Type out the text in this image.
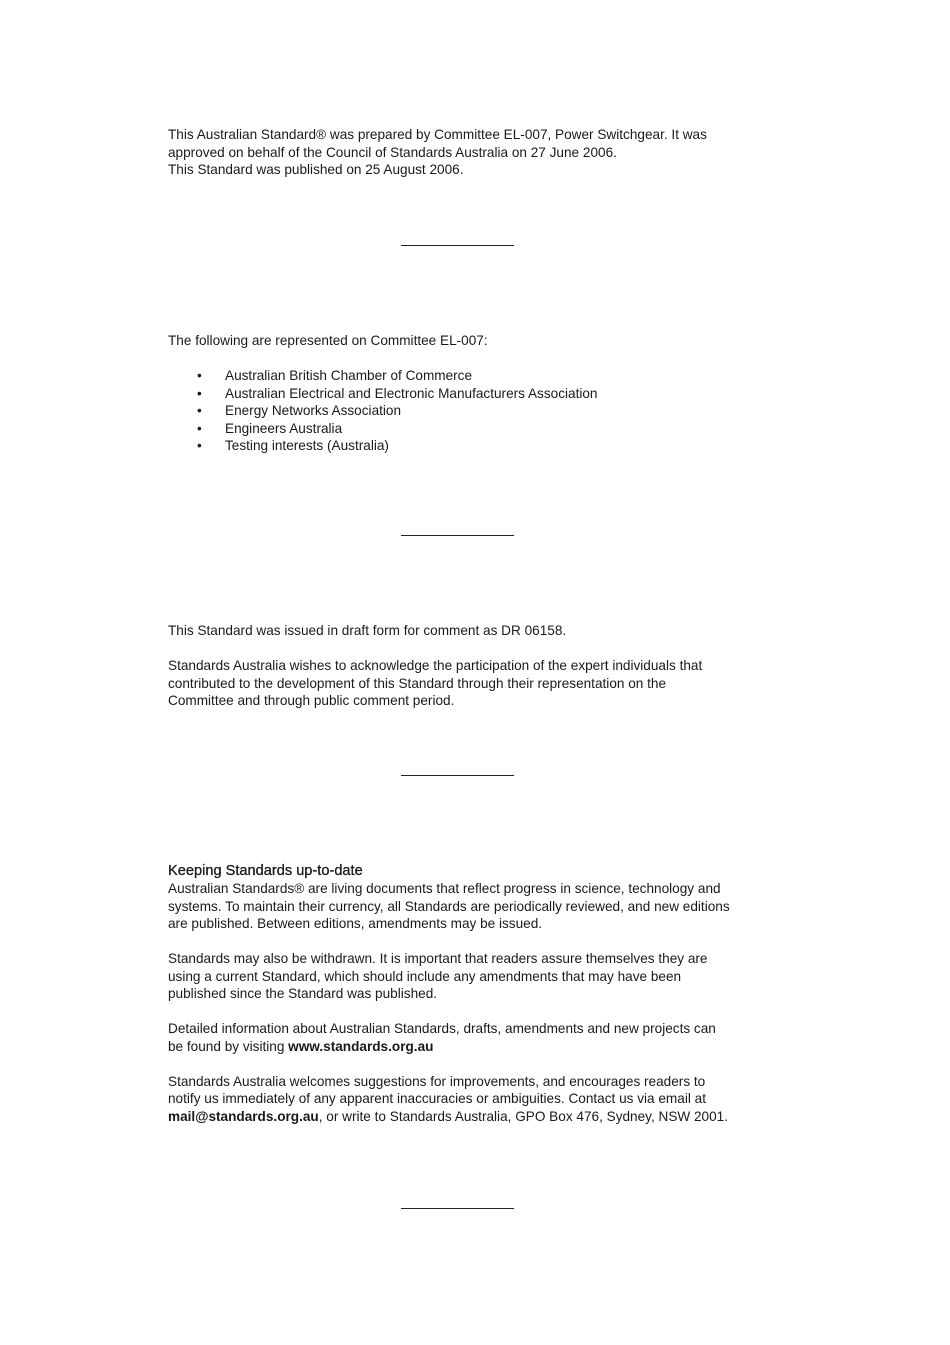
This Australian Standard® was prepared by Committee EL-007, Power Switchgear. It was

approved on behalf of the Council of Standards Australia on 27 June 2006.

This Standard was published on 25 August 2006.

The following are represented on Committee EL-007:

• Australian British Chamber of Commerce
• Australian Electrical and Electronic Manufacturers Association
• Energy Networks Association
• Engineers Australia
• Testing interests (Australia)

This Standard was issued in draft form for comment as DR 06158.

Standards Australia wishes to acknowledge the participation of the expert individuals that

contributed to the development of this Standard through their representation on the

Committee and through public comment period.

Keeping Standards up-to-date

Australian Standards® are living documents that reflect progress in science, technology and

systems. To maintain their currency, all Standards are periodically reviewed, and new editions

are published. Between editions, amendments may be issued.

Standards may also be withdrawn. It is important that readers assure themselves they are

using a current Standard, which should include any amendments that may have been

published since the Standard was published.

Detailed information about Australian Standards, drafts, amendments and new projects can

be found by visiting www.standards.org.au

Standards Australia welcomes suggestions for improvements, and encourages readers to

notify us immediately of any apparent inaccuracies or ambiguities. Contact us via email at

mail@standards.org.au, or write to Standards Australia, GPO Box 476, Sydney, NSW 2001.
